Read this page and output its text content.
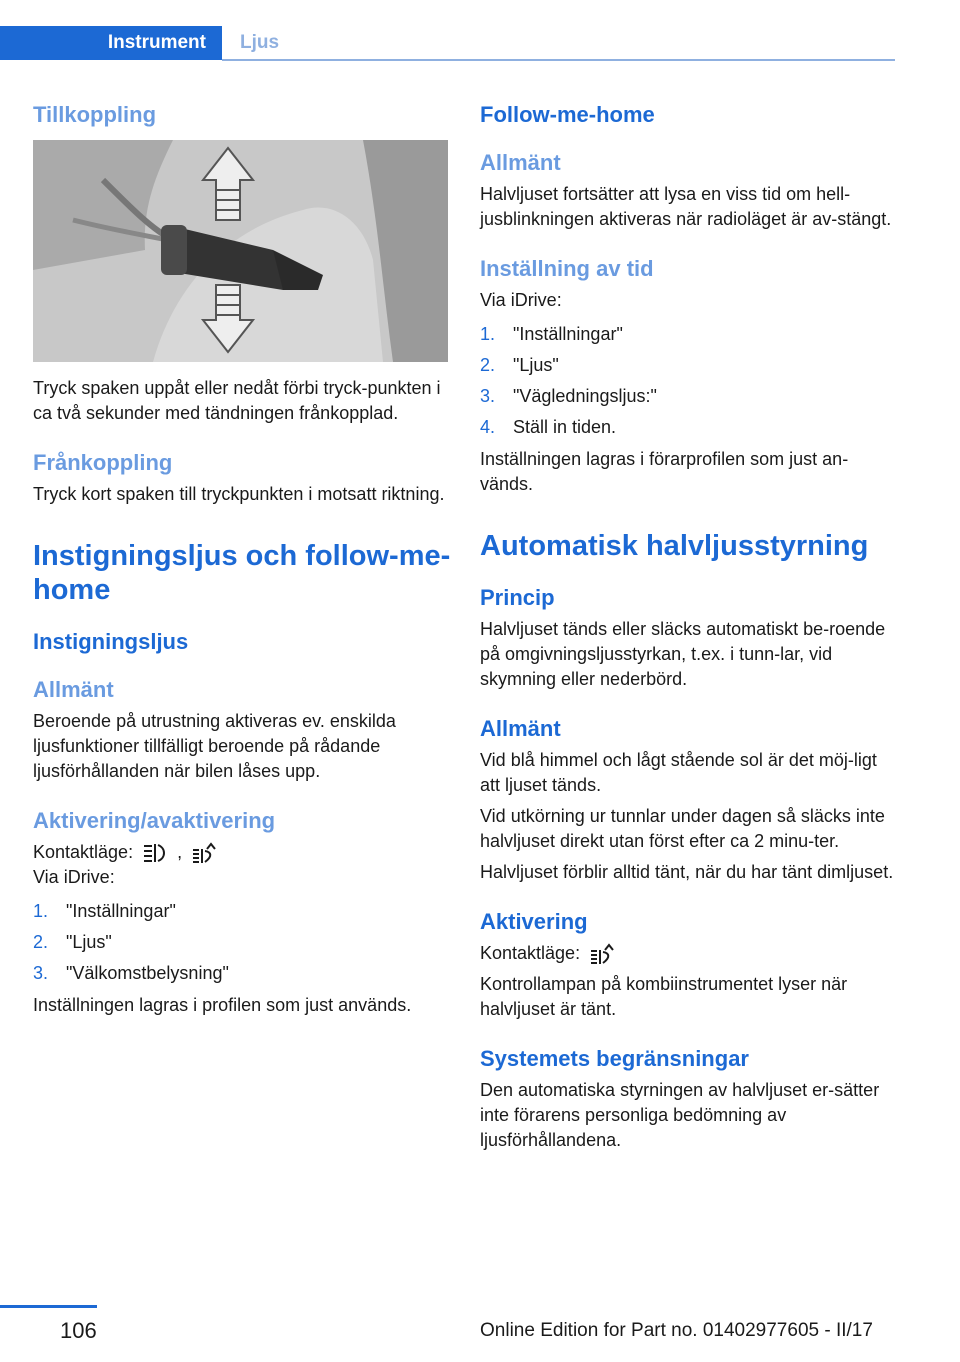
Instrument	Ljus
Tillkoppling

Tryck spaken uppåt eller nedåt förbi tryck-punkten i ca två sekunder med tändningen frånkopplad.

Frånkoppling

Tryck kort spaken till tryckpunkten i motsatt riktning.

Instigningsljus och follow-me-home
Instigningsljus
Allmänt

Beroende på utrustning aktiveras ev. enskilda ljusfunktioner tillfälligt beroende på rådande ljusförhållanden när bilen låses upp.

Aktivering/avaktivering

Kontaktläge: ,

Via iDrive:

1. "Inställningar"
2. "Ljus"
3. "Välkomstbelysning"

Inställningen lagras i profilen som just används.

Follow-me-home
Allmänt

Halvljuset fortsätter att lysa en viss tid om hell-jusblinkningen aktiveras när radioläget är av-stängt.

Inställning av tid

Via iDrive:

1. "Inställningar"
2. "Ljus"
3. "Vägledningsljus:"
4. Ställ in tiden.

Inställningen lagras i förarprofilen som just an-vänds.

Automatisk halvljusstyrning
Princip

Halvljuset tänds eller släcks automatiskt be-roende på omgivningsljusstyrkan, t.ex. i tunn-lar, vid skymning eller nederbörd.

Allmänt

Vid blå himmel och lågt stående sol är det möj-ligt att ljuset tänds.

Vid utkörning ur tunnlar under dagen så släcks inte halvljuset direkt utan först efter ca 2 minu-ter.

Halvljuset förblir alltid tänt, när du har tänt dimljuset.

Aktivering

Kontaktläge:

Kontrollampan på kombiinstrumentet lyser när halvljuset är tänt.

Systemets begränsningar

Den automatiska styrningen av halvljuset er-sätter inte förarens personliga bedömning av ljusförhållandena.

106	Online Edition for Part no. 01402977605 - II/17
